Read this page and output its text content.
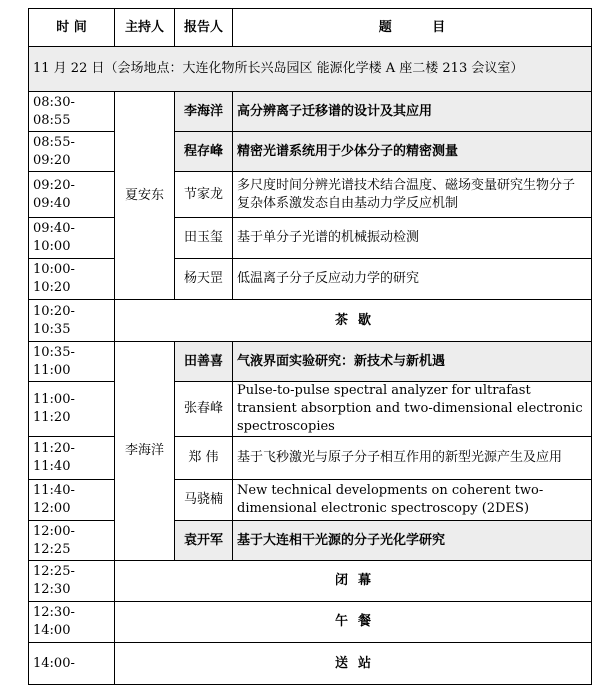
时 间	主持人	报告人	题 目
11 月 22 日（会场地点：大连化物所长兴岛园区 能源化学楼 A 座二楼 213 会议室）			
08:30-08:55	夏安东	李海洋	高分辨离子迁移谱的设计及其应用
08:55-09:20		程存峰	精密光谱系统用于少体分子的精密测量
09:20-09:40		节家龙	多尺度时间分辨光谱技术结合温度、磁场变量研究生物分子复杂体系激发态自由基动力学反应机制
09:40-10:00		田玉玺	基于单分子光谱的机械振动检测
10:00-10:20		杨天罡	低温离子分子反应动力学的研究
10:20-10:35	茶歇		
10:35-11:00	李海洋	田善喜	气液界面实验研究：新技术与新机遇
11:00-11:20		张春峰	Pulse-to-pulse spectral analyzer for ultrafast transient absorption and two-dimensional electronic spectroscopies
11:20-11:40		郑 伟	基于飞秒激光与原子分子相互作用的新型光源产生及应用
11:40-12:00		马骁楠	New technical developments on coherent two-dimensional electronic spectroscopy (2DES)
12:00-12:25		袁开军	基于大连相干光源的分子光化学研究
12:25-12:30	闭幕		
12:30-14:00	午餐		
14:00-	送站		
